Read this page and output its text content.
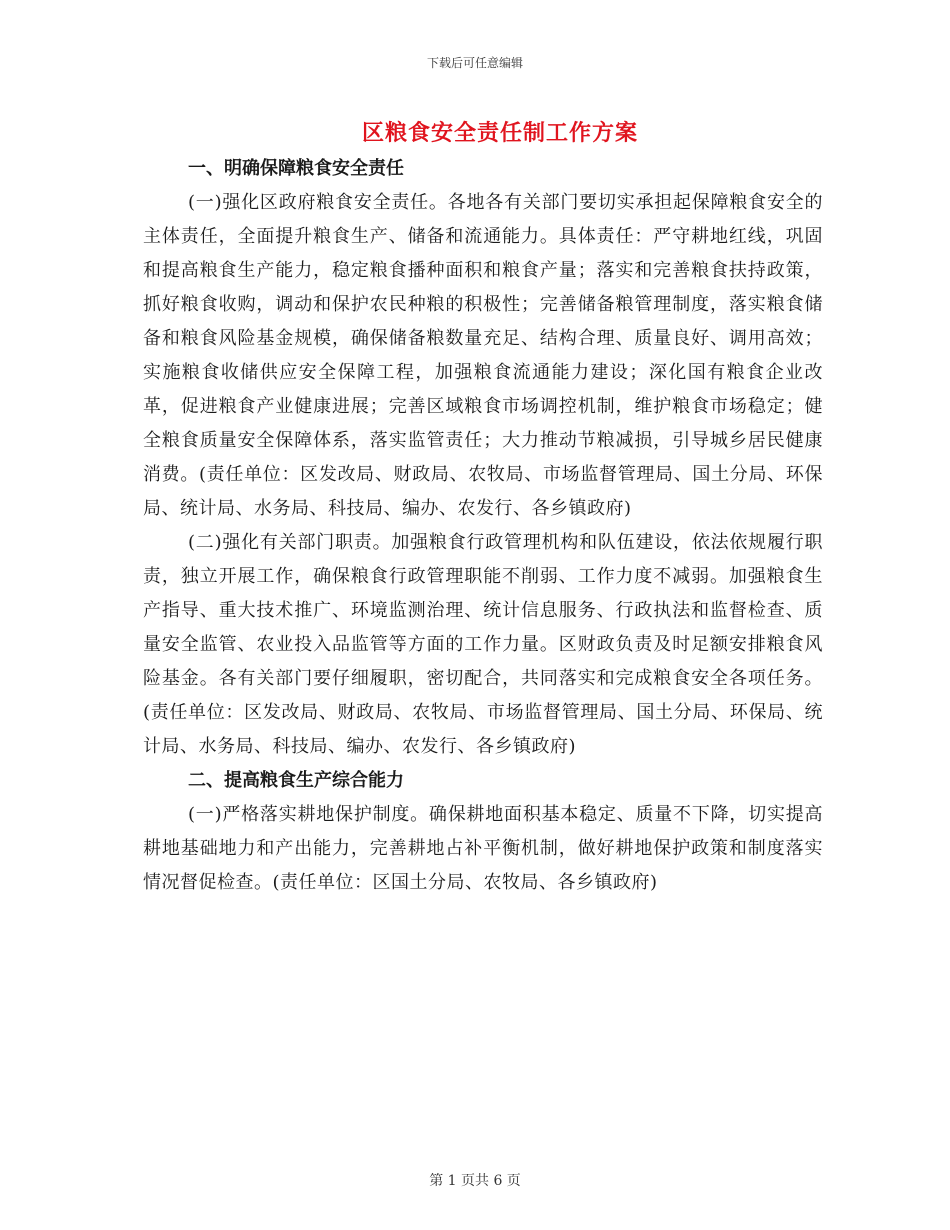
下载后可任意编辑
区粮食安全责任制工作方案
一、明确保障粮食安全责任
(一)强化区政府粮食安全责任。各地各有关部门要切实承担起保障粮食安全的主体责任，全面提升粮食生产、储备和流通能力。具体责任：严守耕地红线，巩固和提高粮食生产能力，稳定粮食播种面积和粮食产量；落实和完善粮食扶持政策，抓好粮食收购，调动和保护农民种粮的积极性；完善储备粮管理制度，落实粮食储备和粮食风险基金规模，确保储备粮数量充足、结构合理、质量良好、调用高效；实施粮食收储供应安全保障工程，加强粮食流通能力建设；深化国有粮食企业改革，促进粮食产业健康进展；完善区域粮食市场调控机制，维护粮食市场稳定；健全粮食质量安全保障体系，落实监管责任；大力推动节粮减损，引导城乡居民健康消费。(责任单位：区发改局、财政局、农牧局、市场监督管理局、国土分局、环保局、统计局、水务局、科技局、编办、农发行、各乡镇政府)
(二)强化有关部门职责。加强粮食行政管理机构和队伍建设，依法依规履行职责，独立开展工作，确保粮食行政管理职能不削弱、工作力度不减弱。加强粮食生产指导、重大技术推广、环境监测治理、统计信息服务、行政执法和监督检查、质量安全监管、农业投入品监管等方面的工作力量。区财政负责及时足额安排粮食风险基金。各有关部门要仔细履职，密切配合，共同落实和完成粮食安全各项任务。(责任单位：区发改局、财政局、农牧局、市场监督管理局、国土分局、环保局、统计局、水务局、科技局、编办、农发行、各乡镇政府)
二、提高粮食生产综合能力
(一)严格落实耕地保护制度。确保耕地面积基本稳定、质量不下降，切实提高耕地基础地力和产出能力，完善耕地占补平衡机制，做好耕地保护政策和制度落实情况督促检查。(责任单位：区国土分局、农牧局、各乡镇政府)
第 1 页共 6 页
